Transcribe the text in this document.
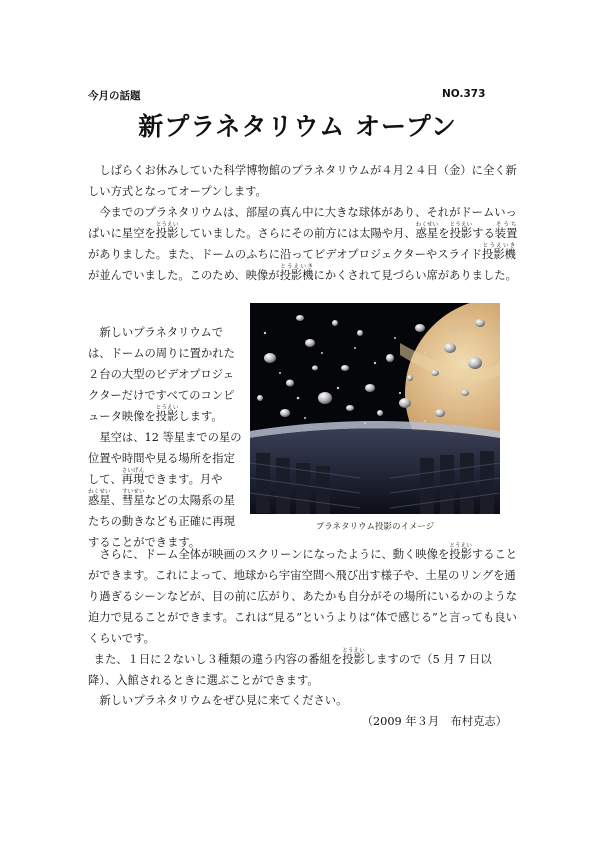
今月の話題	NO.373
新プラネタリウム オープン

　しばらくお休みしていた科学博物館のプラネタリウムが４月２４日（金）に全く新しい方式となってオープンします。

　今までのプラネタリウムは、部屋の真ん中に大きな球体があり、それがドームいっぱいに星空を投影とうえいしていました。さらにその前方には太陽や月、惑星わくせいを投影とうえいする装置そうちがありました。また、ドームのふちに沿ってビデオプロジェクターやスライド投影機とうえいきが並んでいました。このため、映像が投影機とうえいきにかくされて見づらい席がありました。

　新しいプラネタリウムでは、ドームの周りに置かれた２台の大型のビデオプロジェクターだけですべてのコンピュータ映像を投影とうえいします。

　星空は、12 等星までの星の位置や時間や見る場所を指定して、再現さいげんできます。月や惑星わくせい、彗星すいせいなどの太陽系の星たちの動きなども正確に再現することができます。

プラネタリウム投影のイメージ

　さらに、ドーム全体が映画のスクリーンになったように、動く映像を投影とうえいすることができます。これによって、地球から宇宙空間へ飛び出す様子や、土星のリングを通り過ぎるシーンなどが、目の前に広がり、あたかも自分がその場所にいるかのような迫力で見ることができます。これは“見る”というよりは“体で感じる”と言っても良いくらいです。

 また、１日に２ないし３種類の違う内容の番組を投影とうえいしますので（5 月 7 日以降）、入館されるときに選ぶことができます。

　新しいプラネタリウムをぜひ見に来てください。

（2009 年３月　布村克志）
